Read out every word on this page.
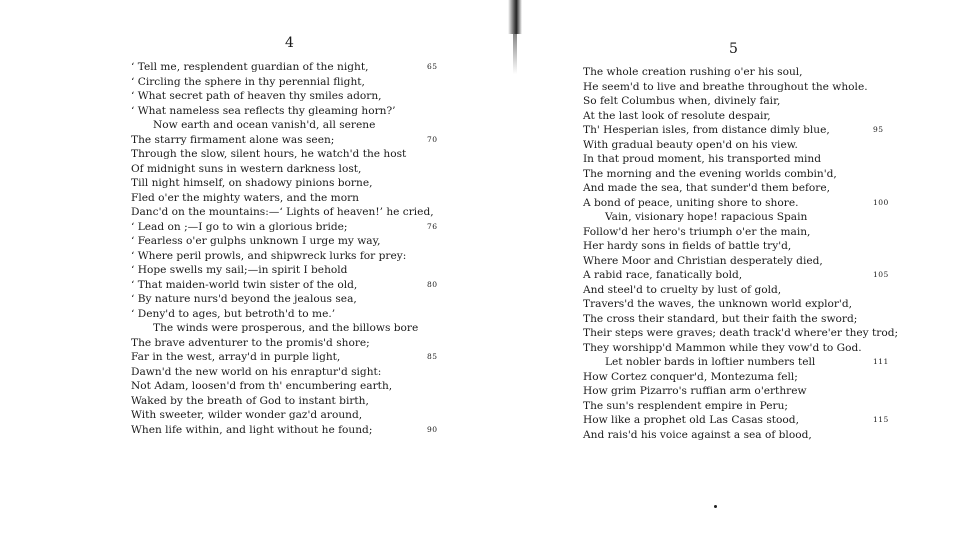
4
‘ Tell me, resplendent guardian of the night,	65
‘ Circling the sphere in thy perennial flight,
‘ What secret path of heaven thy smiles adorn,
‘ What nameless sea reflects thy gleaming horn?’
Now earth and ocean vanish'd, all serene
The starry firmament alone was seen;	70
Through the slow, silent hours, he watch'd the host
Of midnight suns in western darkness lost,
Till night himself, on shadowy pinions borne,
Fled o'er the mighty waters, and the morn
Danc'd on the mountains:—‘ Lights of heaven!’ he cried,
‘ Lead on ;—I go to win a glorious bride;	76
‘ Fearless o'er gulphs unknown I urge my way,
‘ Where peril prowls, and shipwreck lurks for prey:
‘ Hope swells my sail;—in spirit I behold
‘ That maiden-world twin sister of the old,	80
‘ By nature nurs'd beyond the jealous sea,
‘ Deny'd to ages, but betroth'd to me.’
The winds were prosperous, and the billows bore
The brave adventurer to the promis'd shore;
Far in the west, array'd in purple light,	85
Dawn'd the new world on his enraptur'd sight:
Not Adam, loosen'd from th' encumbering earth,
Waked by the breath of God to instant birth,
With sweeter, wilder wonder gaz'd around,
When life within, and light without he found;	90
5
The whole creation rushing o'er his soul,
He seem'd to live and breathe throughout the whole.
So felt Columbus when, divinely fair,
At the last look of resolute despair,
Th' Hesperian isles, from distance dimly blue,	95
With gradual beauty open'd on his view.
In that proud moment, his transported mind
The morning and the evening worlds combin'd,
And made the sea, that sunder'd them before,
A bond of peace, uniting shore to shore.	100
Vain, visionary hope! rapacious Spain
Follow'd her hero's triumph o'er the main,
Her hardy sons in fields of battle try'd,
Where Moor and Christian desperately died,
A rabid race, fanatically bold,	105
And steel'd to cruelty by lust of gold,
Travers'd the waves, the unknown world explor'd,
The cross their standard, but their faith the sword;
Their steps were graves; death track'd where'er they trod;
They worshipp'd Mammon while they vow'd to God.
Let nobler bards in loftier numbers tell	111
How Cortez conquer'd, Montezuma fell;
How grim Pizarro's ruffian arm o'erthrew
The sun's resplendent empire in Peru;
How like a prophet old Las Casas stood,	115
And rais'd his voice against a sea of blood,
